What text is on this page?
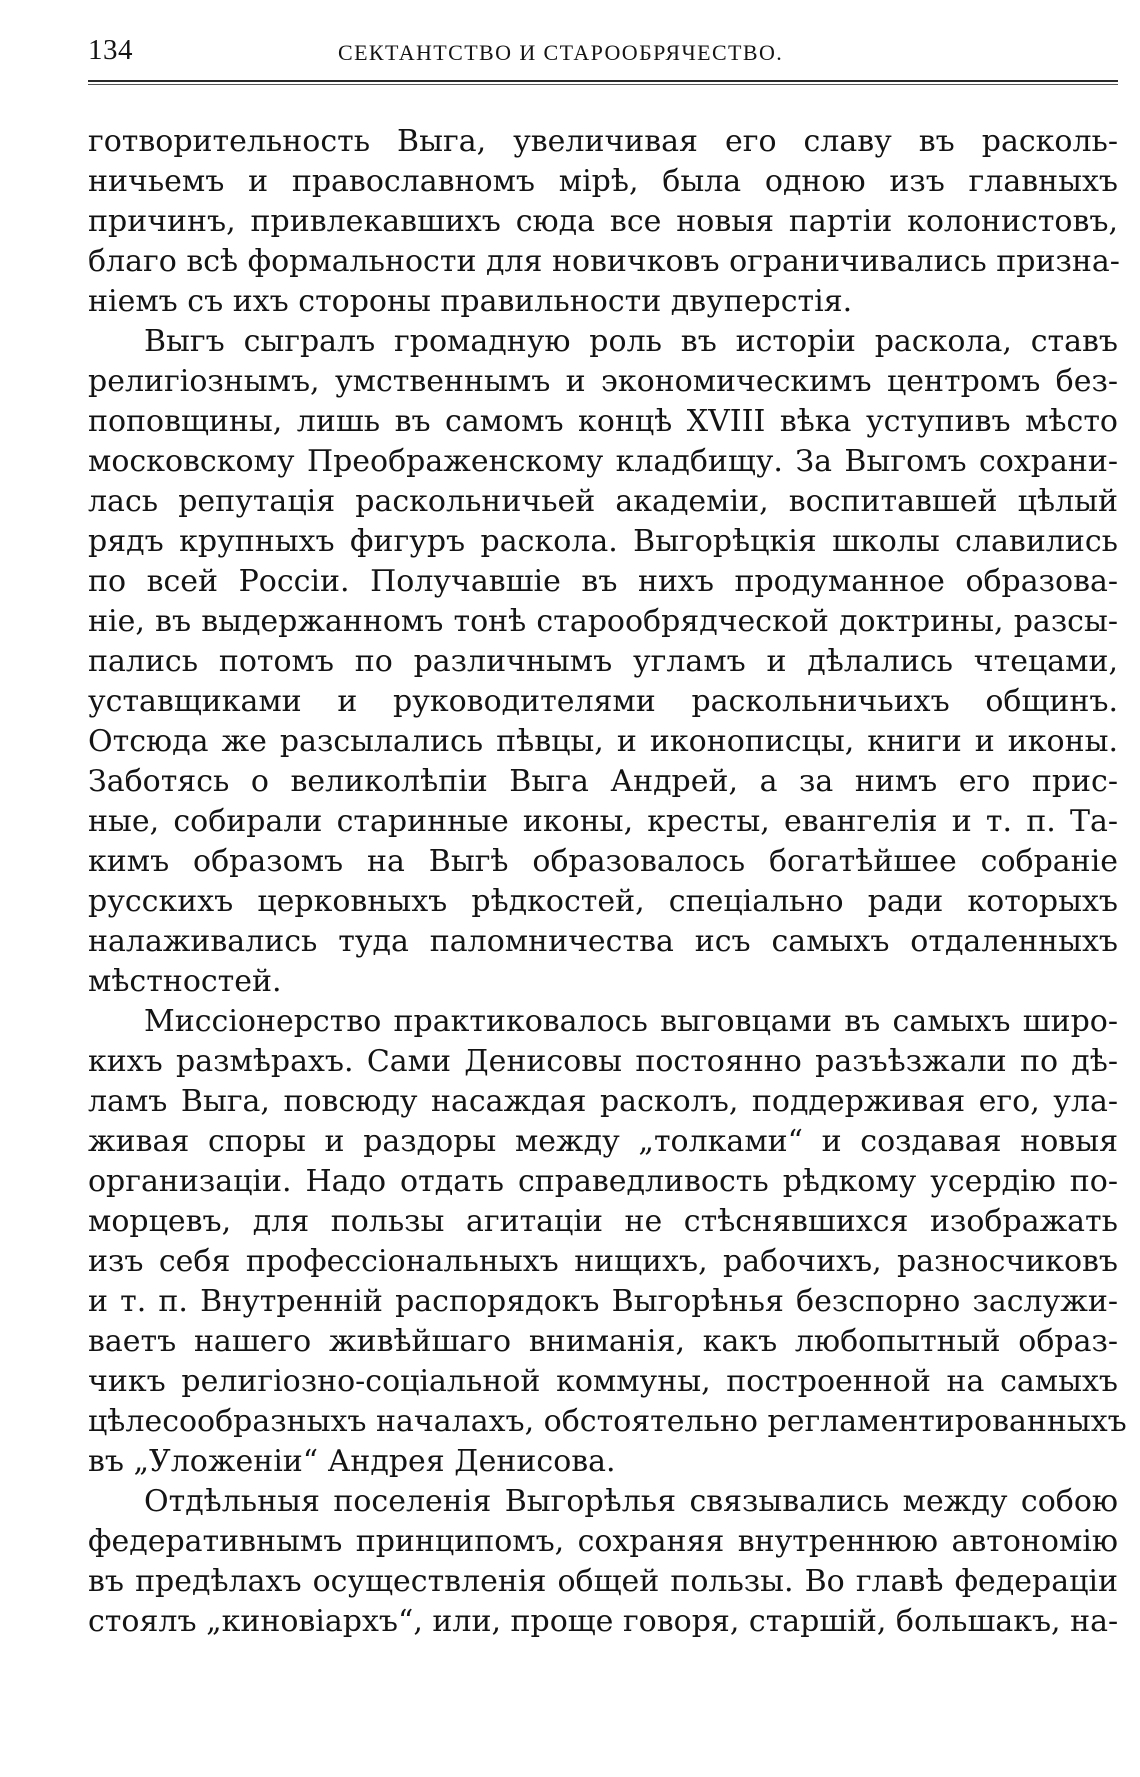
134	СЕКТАНТСТВО И СТАРООБРЯЧЕСТВО.
готворительность Выга, увеличивая его славу въ расколь-
ничьемъ и православномъ мірѣ, была одною изъ главныхъ
причинъ, привлекавшихъ сюда все новыя партіи колонистовъ,
благо всѣ формальности для новичковъ ограничивались призна-
ніемъ съ ихъ стороны правильности двуперстія.
Выгъ сыгралъ громадную роль въ исторіи раскола, ставъ
религіознымъ, умственнымъ и экономическимъ центромъ без-
поповщины, лишь въ самомъ концѣ XVIII вѣка уступивъ мѣсто
московскому Преображенскому кладбищу. За Выгомъ сохрани-
лась репутація раскольничьей академіи, воспитавшей цѣлый
рядъ крупныхъ фигуръ раскола. Выгорѣцкія школы славились
по всей Россіи. Получавшіе въ нихъ продуманное образова-
ніе, въ выдержанномъ тонѣ старообрядческой доктрины, разсы-
пались потомъ по различнымъ угламъ и дѣлались чтецами,
уставщиками и руководителями раскольничьихъ общинъ.
Отсюда же разсылались пѣвцы, и иконописцы, книги и иконы.
Заботясь о великолѣпіи Выга Андрей, а за нимъ его прис-
ные, собирали старинные иконы, кресты, евангелія и т. п. Та-
кимъ образомъ на Выгѣ образовалось богатѣйшее собраніе
русскихъ церковныхъ рѣдкостей, спеціально ради которыхъ
налаживались туда паломничества исъ самыхъ отдаленныхъ
мѣстностей.
Миссіонерство практиковалось выговцами въ самыхъ широ-
кихъ размѣрахъ. Сами Денисовы постоянно разъѣзжали по дѣ-
ламъ Выга, повсюду насаждая расколъ, поддерживая его, ула-
живая споры и раздоры между „толками“ и создавая новыя
организаціи. Надо отдать справедливость рѣдкому усердію по-
морцевъ, для пользы агитаціи не стѣснявшихся изображать
изъ себя профессіональныхъ нищихъ, рабочихъ, разносчиковъ
и т. п. Внутренній распорядокъ Выгорѣнья безспорно заслужи-
ваетъ нашего живѣйшаго вниманія, какъ любопытный образ-
чикъ религіозно-соціальной коммуны, построенной на самыхъ
цѣлесообразныхъ началахъ, обстоятельно регламентированныхъ
въ „Уложеніи“ Андрея Денисова.
Отдѣльныя поселенія Выгорѣлья связывались между собою
федеративнымъ принципомъ, сохраняя внутреннюю автономію
въ предѣлахъ осуществленія общей пользы. Во главѣ федераціи
стоялъ „киновіархъ“, или, проще говоря, старшій, большакъ, на-
